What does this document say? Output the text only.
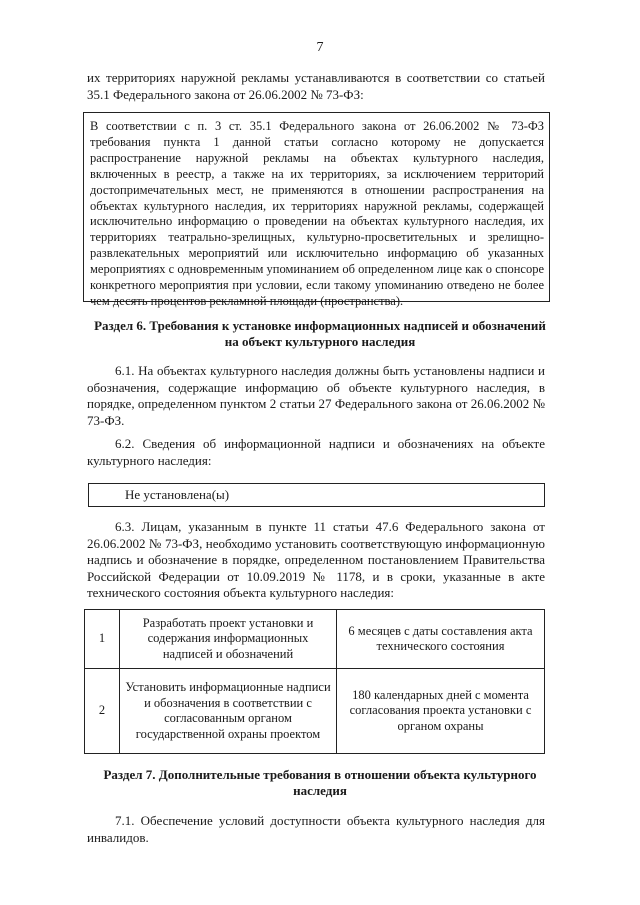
7

их территориях наружной рекламы устанавливаются в соответствии со статьей 35.1 Федерального закона от 26.06.2002 № 73-ФЗ:

В соответствии с п. 3 ст. 35.1 Федерального закона от 26.06.2002 № 73-ФЗ требования пункта 1 данной статьи согласно которому не допускается распространение наружной рекламы на объектах культурного наследия, включенных в реестр, а также на их территориях, за исключением территорий достопримечательных мест, не применяются в отношении распространения на объектах культурного наследия, их территориях наружной рекламы, содержащей исключительно информацию о проведении на объектах культурного наследия, их территориях театрально-зрелищных, культурно-просветительных и зрелищно-развлекательных мероприятий или исключительно информацию об указанных мероприятиях с одновременным упоминанием об определенном лице как о спонсоре конкретного мероприятия при условии, если такому упоминанию отведено не более чем десять процентов рекламной площади (пространства).

Раздел 6. Требования к установке информационных надписей и обозначений
на объект культурного наследия

6.1. На объектах культурного наследия должны быть установлены надписи и обозначения, содержащие информацию об объекте культурного наследия, в порядке, определенном пунктом 2 статьи 27 Федерального закона от 26.06.2002 № 73-ФЗ.

6.2. Сведения об информационной надписи и обозначениях на объекте культурного наследия:

Не установлена(ы)

6.3. Лицам, указанным в пункте 11 статьи 47.6 Федерального закона от 26.06.2002 № 73-ФЗ, необходимо установить соответствующую информационную надпись и обозначение в порядке, определенном постановлением Правительства Российской Федерации от 10.09.2019 № 1178, и в сроки, указанные в акте технического состояния объекта культурного наследия:

1	Разработать проект установки и содержания информационных надписей и обозначений	6 месяцев с даты составления акта технического состояния
2	Установить информационные надписи и обозначения в соответствии с согласованным органом государственной охраны проектом	180 календарных дней с момента согласования проекта установки с органом охраны

Раздел 7. Дополнительные требования в отношении объекта культурного
наследия

7.1. Обеспечение условий доступности объекта культурного наследия для инвалидов.
